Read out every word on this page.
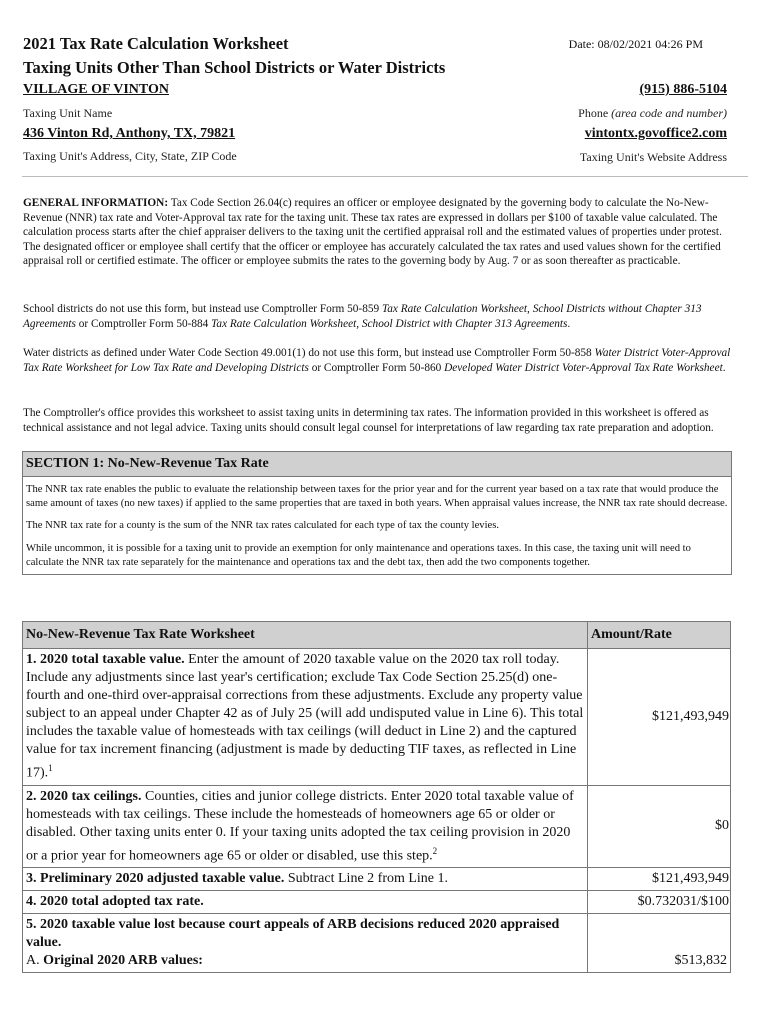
2021 Tax Rate Calculation Worksheet
Taxing Units Other Than School Districts or Water Districts
Date: 08/02/2021 04:26 PM
VILLAGE OF VINTON
Taxing Unit Name
(915) 886-5104
Phone (area code and number)
436 Vinton Rd, Anthony, TX, 79821
Taxing Unit's Address, City, State, ZIP Code
vintontx.govoffice2.com
Taxing Unit's Website Address
GENERAL INFORMATION: Tax Code Section 26.04(c) requires an officer or employee designated by the governing body to calculate the No-New-Revenue (NNR) tax rate and Voter-Approval tax rate for the taxing unit. These tax rates are expressed in dollars per $100 of taxable value calculated. The calculation process starts after the chief appraiser delivers to the taxing unit the certified appraisal roll and the estimated values of properties under protest. The designated officer or employee shall certify that the officer or employee has accurately calculated the tax rates and used values shown for the certified appraisal roll or certified estimate. The officer or employee submits the rates to the governing body by Aug. 7 or as soon thereafter as practicable.
School districts do not use this form, but instead use Comptroller Form 50-859 Tax Rate Calculation Worksheet, School Districts without Chapter 313 Agreements or Comptroller Form 50-884 Tax Rate Calculation Worksheet, School District with Chapter 313 Agreements.
Water districts as defined under Water Code Section 49.001(1) do not use this form, but instead use Comptroller Form 50-858 Water District Voter-Approval Tax Rate Worksheet for Low Tax Rate and Developing Districts or Comptroller Form 50-860 Developed Water District Voter-Approval Tax Rate Worksheet.
The Comptroller's office provides this worksheet to assist taxing units in determining tax rates. The information provided in this worksheet is offered as technical assistance and not legal advice. Taxing units should consult legal counsel for interpretations of law regarding tax rate preparation and adoption.
SECTION 1: No-New-Revenue Tax Rate

The NNR tax rate enables the public to evaluate the relationship between taxes for the prior year and for the current year based on a tax rate that would produce the same amount of taxes (no new taxes) if applied to the same properties that are taxed in both years. When appraisal values increase, the NNR tax rate should decrease.

The NNR tax rate for a county is the sum of the NNR tax rates calculated for each type of tax the county levies.

While uncommon, it is possible for a taxing unit to provide an exemption for only maintenance and operations taxes. In this case, the taxing unit will need to calculate the NNR tax rate separately for the maintenance and operations tax and the debt tax, then add the two components together.

No-New-Revenue Tax Rate Worksheet	Amount/Rate
1. 2020 total taxable value. Enter the amount of 2020 taxable value on the 2020 tax roll today. Include any adjustments since last year's certification; exclude Tax Code Section 25.25(d) one-fourth and one-third over-appraisal corrections from these adjustments. Exclude any property value subject to an appeal under Chapter 42 as of July 25 (will add undisputed value in Line 6). This total includes the taxable value of homesteads with tax ceilings (will deduct in Line 2) and the captured value for tax increment financing (adjustment is made by deducting TIF taxes, as reflected in Line 17).$^1$	$121,493,949
2. 2020 tax ceilings. Counties, cities and junior college districts. Enter 2020 total taxable value of homesteads with tax ceilings. These include the homesteads of homeowners age 65 or older or disabled. Other taxing units enter 0. If your taxing units adopted the tax ceiling provision in 2020 or a prior year for homeowners age 65 or older or disabled, use this step.$^2$	$0
3. Preliminary 2020 adjusted taxable value. Subtract Line 2 from Line 1.	$121,493,949
4. 2020 total adopted tax rate.	$0.732031/$100
5. 2020 taxable value lost because court appeals of ARB decisions reduced 2020 appraised value.
A. Original 2020 ARB values:	$513,832
